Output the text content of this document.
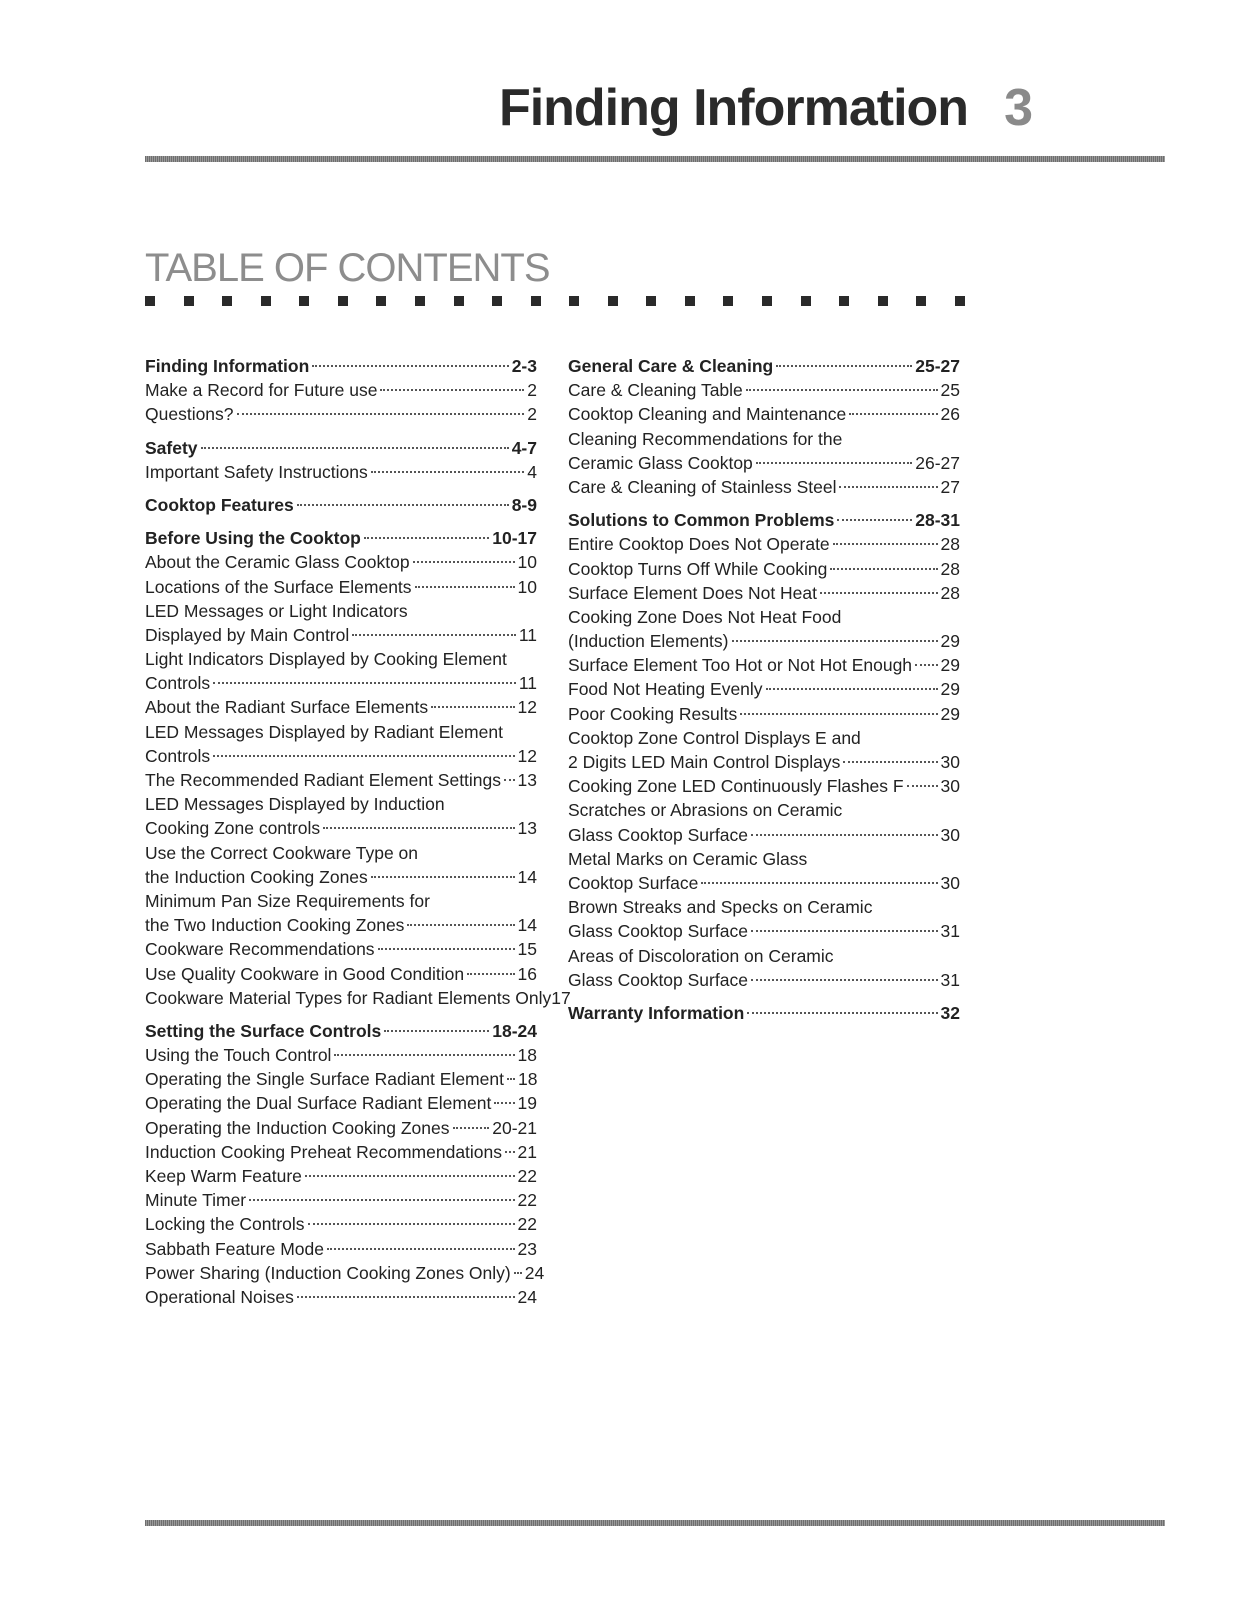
Finding Information 3
TABLE OF CONTENTS
Finding Information	2-3
Make a Record for Future use	2
Questions?	2
Safety	4-7
Important Safety Instructions	4
Cooktop Features	8-9
Before Using the Cooktop	10-17
About the Ceramic Glass Cooktop	10
Locations of the Surface Elements	10
LED Messages or Light Indicators
Displayed by Main Control	11
Light Indicators Displayed by Cooking Element
Controls	11
About the Radiant Surface Elements	12
LED Messages Displayed by Radiant Element
Controls	12
The Recommended Radiant Element Settings 13
LED Messages Displayed by Induction
Cooking Zone controls	13
Use the Correct Cookware Type on
the Induction Cooking Zones	14
Minimum Pan Size Requirements for
the Two Induction Cooking Zones	14
Cookware Recommendations	15
Use Quality Cookware in Good Condition	16
Cookware Material Types for Radiant Elements Only 17
Setting the Surface Controls	18-24
Using the Touch Control	18
Operating the Single Surface Radiant Element 18
Operating the Dual Surface Radiant Element 19
Operating the Induction Cooking Zones 20-21
Induction Cooking Preheat Recommendations 21
Keep Warm Feature	22
Minute Timer	22
Locking the Controls	22
Sabbath Feature Mode	23
Power Sharing (Induction Cooking Zones Only) 24
Operational Noises	24
General Care & Cleaning	25-27
Care & Cleaning Table	25
Cooktop Cleaning and Maintenance	26
Cleaning Recommendations for the
Ceramic Glass Cooktop	26-27
Care & Cleaning of Stainless Steel	27
Solutions to Common Problems	28-31
Entire Cooktop Does Not Operate	28
Cooktop Turns Off While Cooking	28
Surface Element Does Not Heat	28
Cooking Zone Does Not Heat Food
(Induction Elements)	29
Surface Element Too Hot or Not Hot Enough 29
Food Not Heating Evenly	29
Poor Cooking Results	29
Cooktop Zone Control Displays E and
2 Digits LED Main Control Displays	30
Cooking Zone LED Continuously Flashes F 30
Scratches or Abrasions on Ceramic
Glass Cooktop Surface	30
Metal Marks on Ceramic Glass
Cooktop Surface	30
Brown Streaks and Specks on Ceramic
Glass Cooktop Surface	31
Areas of Discoloration on Ceramic
Glass Cooktop Surface	31
Warranty Information	32
